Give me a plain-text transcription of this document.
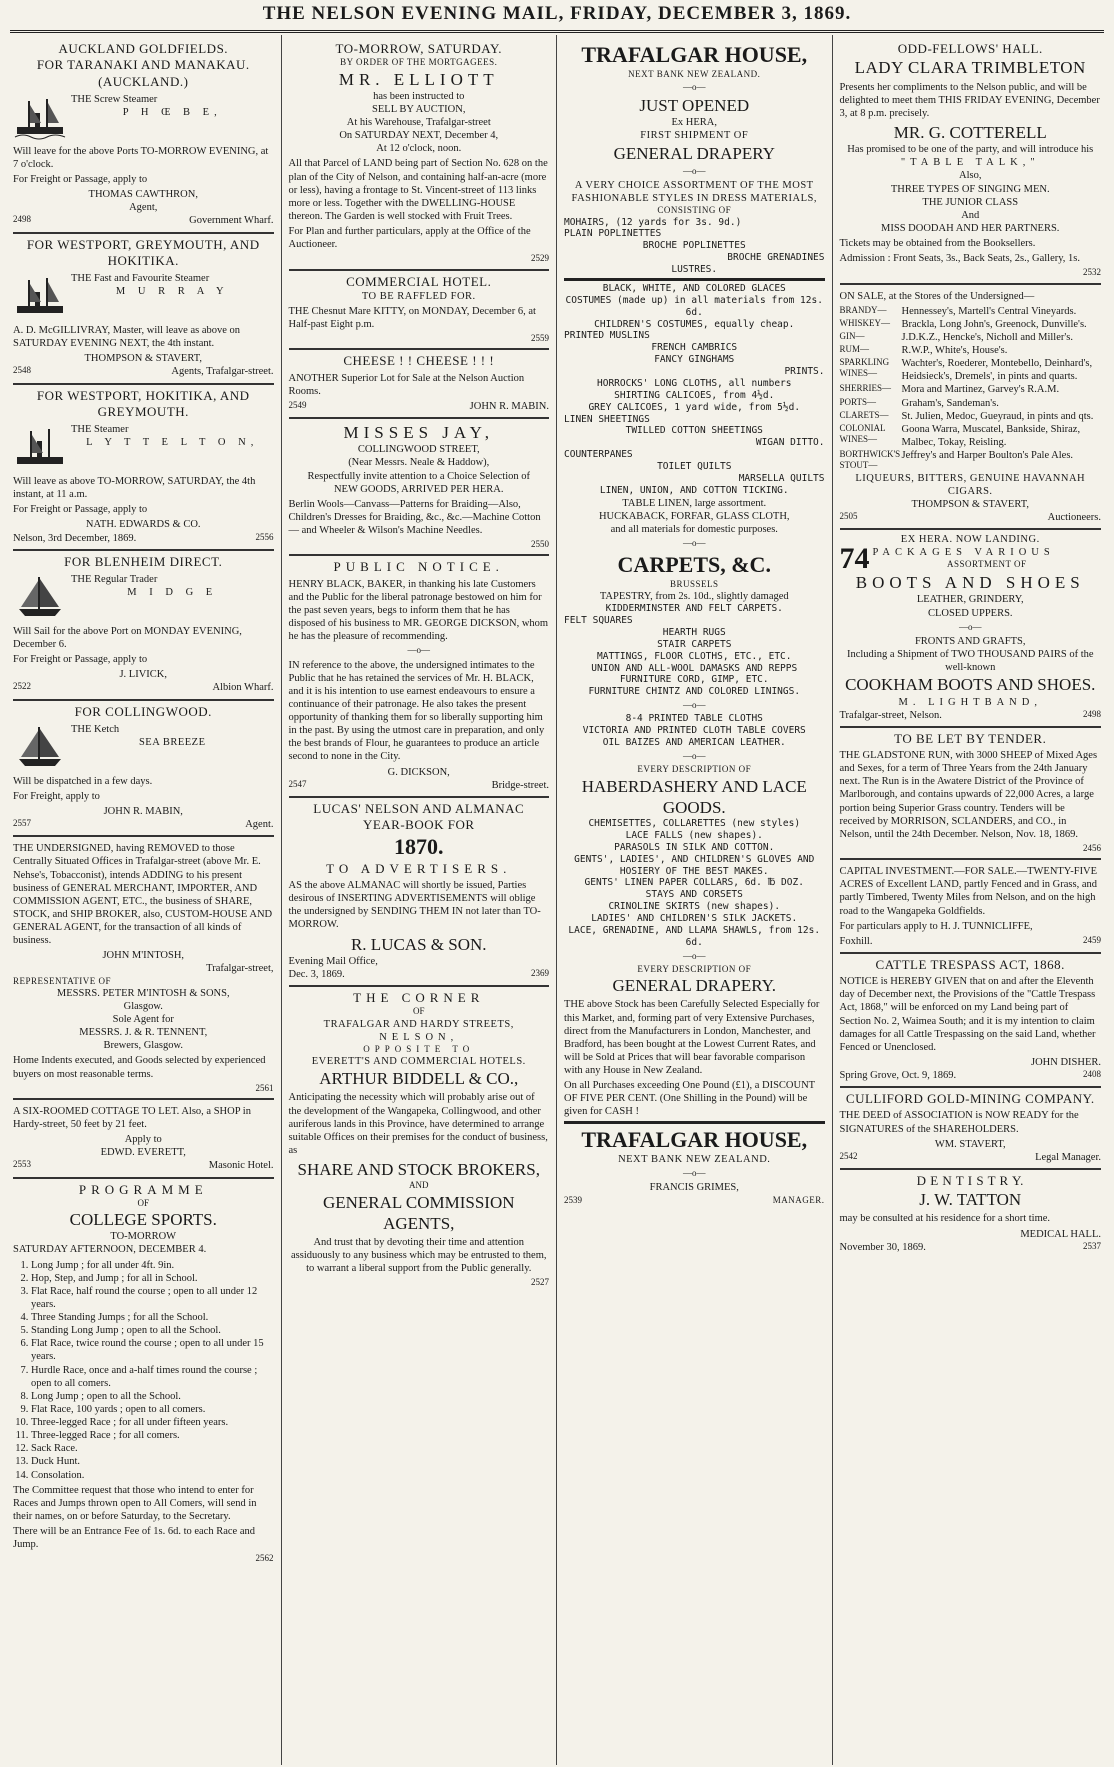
THE NELSON EVENING MAIL, FRIDAY, DECEMBER 3, 1869.
AUCKLAND GOLDFIELDS.
FOR TARANAKI AND MANAKAU. (AUCKLAND.)
THE Screw Steamer
P H Œ B E,

Will leave for the above Ports TO-MORROW EVENING, at 7 o'clock.

For Freight or Passage, apply to

THOMAS CAWTHRON,
Agent,
2498	Government Wharf.
FOR WESTPORT, GREYMOUTH, AND HOKITIKA.
THE Fast and Favourite Steamer
M U R R A Y

A. D. McGILLIVRAY, Master, will leave as above on SATURDAY EVENING NEXT, the 4th instant.

THOMPSON & STAVERT,
2548	Agents, Trafalgar-street.
FOR WESTPORT, HOKITIKA, AND GREYMOUTH.
THE Steamer
L Y T T E L T O N,

Will leave as above TO-MORROW, SATURDAY, the 4th instant, at 11 a.m.

For Freight or Passage, apply to

NATH. EDWARDS & CO.
Nelson, 3rd December, 1869.	2556
FOR BLENHEIM DIRECT.
THE Regular Trader
M I D G E

Will Sail for the above Port on MONDAY EVENING, December 6.

For Freight or Passage, apply to

J. LIVICK,
2522	Albion Wharf.
FOR COLLINGWOOD.
THE Ketch
SEA BREEZE

Will be dispatched in a few days.

For Freight, apply to

JOHN R. MABIN,
2557	Agent.

THE UNDERSIGNED, having REMOVED to those Centrally Situated Offices in Trafalgar-street (above Mr. E. Nehse's, Tobacconist), intends ADDING to his present business of GENERAL MERCHANT, IMPORTER, AND COMMISSION AGENT, ETC., the business of SHARE, STOCK, and SHIP BROKER, also, CUSTOM-HOUSE AND GENERAL AGENT, for the transaction of all kinds of business.

JOHN M'INTOSH,
Trafalgar-street,
REPRESENTATIVE OF
MESSRS. PETER M'INTOSH & SONS,
Glasgow.
Sole Agent for
MESSRS. J. & R. TENNENT,
Brewers, Glasgow.

Home Indents executed, and Goods selected by experienced buyers on most reasonable terms.

2561

A SIX-ROOMED COTTAGE TO LET. Also, a SHOP in Hardy-street, 50 feet by 21 feet.

Apply to
EDWD. EVERETT,
2553	Masonic Hotel.
PROGRAMME
OF
COLLEGE SPORTS.
TO-MORROW
SATURDAY AFTERNOON, DECEMBER 4.
1. Long Jump ; for all under 4ft. 9in.
2. Hop, Step, and Jump ; for all in School.
3. Flat Race, half round the course ; open to all under 12 years.
4. Three Standing Jumps ; for all the School.
5. Standing Long Jump ; open to all the School.
6. Flat Race, twice round the course ; open to all under 15 years.
7. Hurdle Race, once and a-half times round the course ; open to all comers.
8. Long Jump ; open to all the School.
9. Flat Race, 100 yards ; open to all comers.
10. Three-legged Race ; for all under fifteen years.
11. Three-legged Race ; for all comers.
12. Sack Race.
13. Duck Hunt.
14. Consolation.

The Committee request that those who intend to enter for Races and Jumps thrown open to All Comers, will send in their names, on or before Saturday, to the Secretary.

There will be an Entrance Fee of 1s. 6d. to each Race and Jump.

2562
TO-MORROW, SATURDAY.
BY ORDER OF THE MORTGAGEES.
MR. ELLIOTT
has been instructed to
SELL BY AUCTION,
At his Warehouse, Trafalgar-street
On SATURDAY NEXT, December 4,
At 12 o'clock, noon.

All that Parcel of LAND being part of Section No. 628 on the plan of the City of Nelson, and containing half-an-acre (more or less), having a frontage to St. Vincent-street of 113 links more or less. Together with the DWELLING-HOUSE thereon. The Garden is well stocked with Fruit Trees.

For Plan and further particulars, apply at the Office of the Auctioneer.

2529
COMMERCIAL HOTEL.
TO BE RAFFLED FOR.

THE Chesnut Mare KITTY, on MONDAY, December 6, at Half-past Eight p.m.

2559
CHEESE ! ! CHEESE ! ! !

ANOTHER Superior Lot for Sale at the Nelson Auction Rooms.

2549	JOHN R. MABIN.
MISSES JAY,
COLLINGWOOD STREET,
(Near Messrs. Neale & Haddow),
Respectfully invite attention to a Choice Selection of
NEW GOODS, ARRIVED PER HERA.

Berlin Wools—Canvass—Patterns for Braiding—Also, Children's Dresses for Braiding, &c., &c.—Machine Cotton — and Wheeler & Wilson's Machine Needles.

2550
PUBLIC NOTICE.

HENRY BLACK, BAKER, in thanking his late Customers and the Public for the liberal patronage bestowed on him for the past seven years, begs to inform them that he has disposed of his business to MR. GEORGE DICKSON, whom he has the pleasure of recommending.

—o—

IN reference to the above, the undersigned intimates to the Public that he has retained the services of Mr. H. BLACK, and it is his intention to use earnest endeavours to ensure a continuance of their patronage. He also takes the present opportunity of thanking them for so liberally supporting him in the past. By using the utmost care in preparation, and only the best brands of Flour, he guarantees to produce an article second to none in the City.

G. DICKSON,
2547	Bridge-street.
LUCAS' NELSON AND ALMANAC
YEAR-BOOK FOR
1870.
TO ADVERTISERS.

AS the above ALMANAC will shortly be issued, Parties desirous of INSERTING ADVERTISEMENTS will oblige the undersigned by SENDING THEM IN not later than TO-MORROW.

R. LUCAS & SON.
Evening Mail Office,
Dec. 3, 1869.	2369
THE CORNER
OF
TRAFALGAR AND HARDY STREETS,
NELSON,
OPPOSITE TO
EVERETT'S AND COMMERCIAL HOTELS.
ARTHUR BIDDELL & CO.,

Anticipating the necessity which will probably arise out of the development of the Wangapeka, Collingwood, and other auriferous lands in this Province, have determined to arrange suitable Offices on their premises for the conduct of business, as

SHARE AND STOCK BROKERS,
AND
GENERAL COMMISSION AGENTS,

And trust that by devoting their time and attention assiduously to any business which may be entrusted to them, to warrant a liberal support from the Public generally.

2527
TRAFALGAR HOUSE,
NEXT BANK NEW ZEALAND.
—o—
JUST OPENED
Ex HERA,
FIRST SHIPMENT OF
GENERAL DRAPERY
—o—
A VERY CHOICE ASSORTMENT OF THE MOST FASHIONABLE STYLES IN DRESS MATERIALS,
CONSISTING OF
MOHAIRS, (12 yards for 3s. 9d.)
PLAIN POPLINETTES
BROCHE POPLINETTES
BROCHE GRENADINES
LUSTRES.
BLACK, WHITE, AND COLORED GLACES
COSTUMES (made up) in all materials from 12s. 6d.
CHILDREN'S COSTUMES, equally cheap.
PRINTED MUSLINS
FRENCH CAMBRICS
FANCY GINGHAMS
PRINTS.
HORROCKS' LONG CLOTHS, all numbers
SHIRTING CALICOES, from 4½d.
GREY CALICOES, 1 yard wide, from 5½d.
LINEN SHEETINGS
TWILLED COTTON SHEETINGS
WIGAN DITTO.
COUNTERPANES
TOILET QUILTS
MARSELLA QUILTS
LINEN, UNION, AND COTTON TICKING.
TABLE LINEN, large assortment.
HUCKABACK, FORFAR, GLASS CLOTH,
and all materials for domestic purposes.
—o—
CARPETS, &C.
BRUSSELS
TAPESTRY, from 2s. 10d., slightly damaged
KIDDERMINSTER AND FELT CARPETS.
FELT SQUARES
HEARTH RUGS
STAIR CARPETS
MATTINGS, FLOOR CLOTHS, ETC., ETC.
UNION AND ALL-WOOL DAMASKS AND REPPS
FURNITURE CORD, GIMP, ETC.
FURNITURE CHINTZ AND COLORED LININGS.
—o—
8-4 PRINTED TABLE CLOTHS
VICTORIA AND PRINTED CLOTH TABLE COVERS
OIL BAIZES AND AMERICAN LEATHER.
—o—
EVERY DESCRIPTION OF
HABERDASHERY AND LACE GOODS.
CHEMISETTES, COLLARETTES (new styles)
LACE FALLS (new shapes).
PARASOLS IN SILK AND COTTON.
GENTS', LADIES', AND CHILDREN'S GLOVES AND HOSIERY OF THE BEST MAKES.
GENTS' LINEN PAPER COLLARS, 6d. ℔ DOZ.
STAYS AND CORSETS
CRINOLINE SKIRTS (new shapes).
LADIES' AND CHILDREN'S SILK JACKETS.
LACE, GRENADINE, AND LLAMA SHAWLS, from 12s. 6d.
—o—
EVERY DESCRIPTION OF
GENERAL DRAPERY.

THE above Stock has been Carefully Selected Especially for this Market, and, forming part of very Extensive Purchases, direct from the Manufacturers in London, Manchester, and Bradford, has been bought at the Lowest Current Rates, and will be Sold at Prices that will bear favorable comparison with any House in New Zealand.

On all Purchases exceeding One Pound (£1), a DISCOUNT OF FIVE PER CENT. (One Shilling in the Pound) will be given for CASH !

TRAFALGAR HOUSE,
NEXT BANK NEW ZEALAND.
—o—
FRANCIS GRIMES,
2539	MANAGER.
ODD-FELLOWS' HALL.
LADY CLARA TRIMBLETON

Presents her compliments to the Nelson public, and will be delighted to meet them THIS FRIDAY EVENING, December 3, at 8 p.m. precisely.

MR. G. COTTERELL
Has promised to be one of the party, and will introduce his
"TABLE TALK,"
Also,
THREE TYPES OF SINGING MEN.
THE JUNIOR CLASS
And
MISS DOODAH AND HER PARTNERS.

Tickets may be obtained from the Booksellers.

Admission : Front Seats, 3s., Back Seats, 2s., Gallery, 1s.

2532

ON SALE, at the Stores of the Undersigned—

BRANDY—	Hennessey's, Martell's Central Vineyards.
WHISKEY—	Brackla, Long John's, Greenock, Dunville's.
GIN—	J.D.K.Z., Hencke's, Nicholl and Miller's.
RUM—	R.W.P., White's, House's.
SPARKLING WINES—
Wachter's, Roederer, Montebello, Deinhard's, Heidsieck's, Dremels', in pints and quarts.
SHERRIES— Mora and Martinez, Garvey's R.A.M.
PORTS—	Graham's, Sandeman's.
CLARETS—	St. Julien, Medoc, Gueyraud, in pints and qts.
COLONIAL WINES—
Goona Warra, Muscatel, Bankside, Shiraz, Malbec, Tokay, Reisling.
BORTHWICK'S STOUT—
Jeffrey's and Harper Boulton's Pale Ales.
LIQUEURS, BITTERS, GENUINE HAVANNAH CIGARS.
THOMPSON & STAVERT,
2505	Auctioneers.
EX HERA. NOW LANDING.
74 PACKAGES VARIOUS
ASSORTMENT OF
BOOTS AND SHOES
LEATHER, GRINDERY,
CLOSED UPPERS.
—o—
FRONTS AND GRAFTS,
Including a Shipment of TWO THOUSAND PAIRS of the well-known
COOKHAM BOOTS AND SHOES.
M. LIGHTBAND,
Trafalgar-street, Nelson.	2498
TO BE LET BY TENDER.

THE GLADSTONE RUN, with 3000 SHEEP of Mixed Ages and Sexes, for a term of Three Years from the 24th January next. The Run is in the Awatere District of the Province of Marlborough, and contains upwards of 22,000 Acres, a large portion being Superior Grass country. Tenders will be received by MORRISON, SCLANDERS, and CO., in Nelson, until the 24th December. Nelson, Nov. 18, 1869.

2456

CAPITAL INVESTMENT.—FOR SALE.—TWENTY-FIVE ACRES of Excellent LAND, partly Fenced and in Grass, and partly Timbered, Twenty Miles from Nelson, and on the high road to the Wangapeka Goldfields.

For particulars apply to H. J. TUNNICLIFFE,

Foxhill.	2459
CATTLE TRESPASS ACT, 1868.

NOTICE is HEREBY GIVEN that on and after the Eleventh day of December next, the Provisions of the "Cattle Trespass Act, 1868," will be enforced on my Land being part of Section No. 2, Waimea South; and it is my intention to claim damages for all Cattle Trespassing on the said Land, whether Fenced or Unenclosed.

JOHN DISHER.
Spring Grove, Oct. 9, 1869.	2408
CULLIFORD GOLD-MINING COMPANY.

THE DEED of ASSOCIATION is NOW READY for the SIGNATURES of the SHAREHOLDERS.

WM. STAVERT,
2542	Legal Manager.
D E N T I S T R Y.
J. W. TATTON

may be consulted at his residence for a short time.

MEDICAL HALL.
November 30, 1869.	2537
